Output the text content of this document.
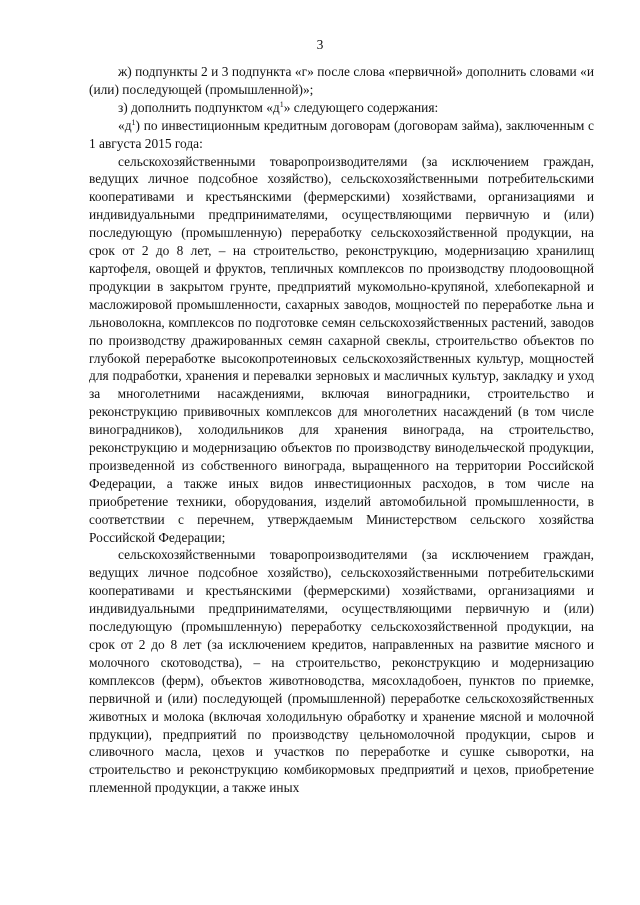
3

ж) подпункты 2 и 3 подпункта «г» после слова «первичной» дополнить словами «и (или) последующей (промышленной)»;

з) дополнить подпунктом «$д^1$» следующего содержания:

«$д^1$) по инвестиционным кредитным договорам (договорам займа), заключенным с 1 августа 2015 года:

сельскохозяйственными товаропроизводителями (за исключением граждан, ведущих личное подсобное хозяйство), сельскохозяйственными потребительскими кооперативами и крестьянскими (фермерскими) хозяйствами, организациями и индивидуальными предпринимателями, осуществляющими первичную и (или) последующую (промышленную) переработку сельскохозяйственной продукции, на срок от 2 до 8 лет, – на строительство, реконструкцию, модернизацию хранилищ картофеля, овощей и фруктов, тепличных комплексов по производству плодоовощной продукции в закрытом грунте, предприятий мукомольно-крупяной, хлебопекарной и масложировой промышленности, сахарных заводов, мощностей по переработке льна и льноволокна, комплексов по подготовке семян сельскохозяйственных растений, заводов по производству дражированных семян сахарной свеклы, строительство объектов по глубокой переработке высокопротеиновых сельскохозяйственных культур, мощностей для подработки, хранения и перевалки зерновых и масличных культур, закладку и уход за многолетними насаждениями, включая виноградники, строительство и реконструкцию прививочных комплексов для многолетних насаждений (в том числе виноградников), холодильников для хранения винограда, на строительство, реконструкцию и модернизацию объектов по производству винодельческой продукции, произведенной из собственного винограда, выращенного на территории Российской Федерации, а также иных видов инвестиционных расходов, в том числе на приобретение техники, оборудования, изделий автомобильной промышленности, в соответствии с перечнем, утверждаемым Министерством сельского хозяйства Российской Федерации;

сельскохозяйственными товаропроизводителями (за исключением граждан, ведущих личное подсобное хозяйство), сельскохозяйственными потребительскими кооперативами и крестьянскими (фермерскими) хозяйствами, организациями и индивидуальными предпринимателями, осуществляющими первичную и (или) последующую (промышленную) переработку сельскохозяйственной продукции, на срок от 2 до 8 лет (за исключением кредитов, направленных на развитие мясного и молочного скотоводства), – на строительство, реконструкцию и модернизацию комплексов (ферм), объектов животноводства, мясохладобоен, пунктов по приемке, первичной и (или) последующей (промышленной) переработке сельскохозяйственных животных и молока (включая холодильную обработку и хранение мясной и молочной прдукции), предприятий по производству цельномолочной продукции, сыров и сливочного масла, цехов и участков по переработке и сушке сыворотки, на строительство и реконструкцию комбикормовых предприятий и цехов, приобретение племенной продукции, а также иных
